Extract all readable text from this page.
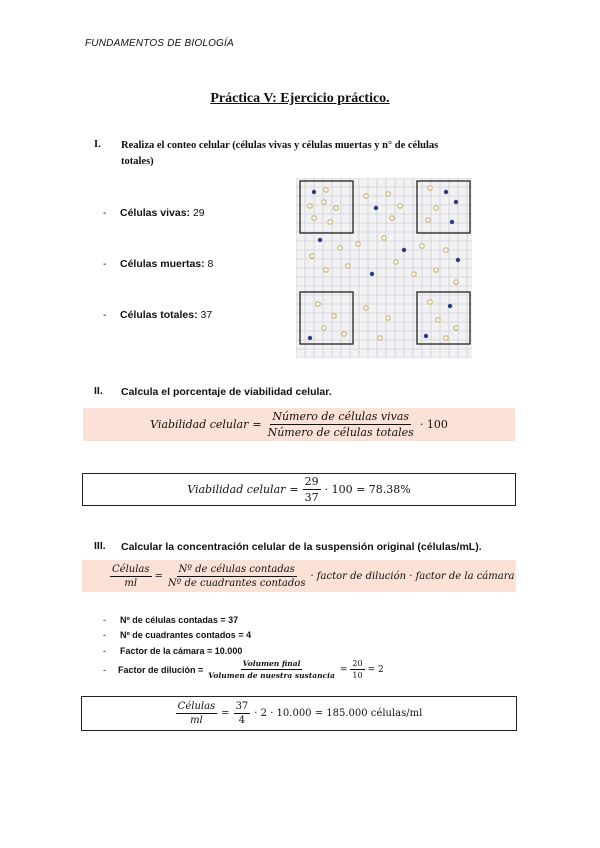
FUNDAMENTOS DE BIOLOGÍA
Práctica V: Ejercicio práctico.
I. Realiza el conteo celular (células vivas y células muertas y n° de células
totales)
- Células vivas: 29
- Células muertas: 8
- Células totales: 37
II. Calcula el porcentaje de viabilidad celular.
Viabilidad celular = $\frac{\text{Número de células vivas}}{\text{Número de células totales}} \cdot 100$
Viabilidad celular = $\frac{29}{37} \cdot 100 = 78.38\%$
III. Calcular la concentración celular de la suspensión original (células/mL).
$\frac{\text{Células}}{ml} = \frac{\text{Nº de células contadas}}{\text{Nº de cuadrantes contados}}$ · factor de dilución · factor de la cámara
- Nº de células contadas = 37
- Nº de cuadrantes contados = 4
- Factor de la cámara = 10.000
- Factor de dilución = $\frac{\text{Volumen final}}{\text{Volumen de nuestra sustancia}} = \frac{20}{10} = 2$
$\frac{\text{Células}}{ml} = \frac{37}{4} \cdot 2 \cdot 10.000 = 185.000$ células/ml
